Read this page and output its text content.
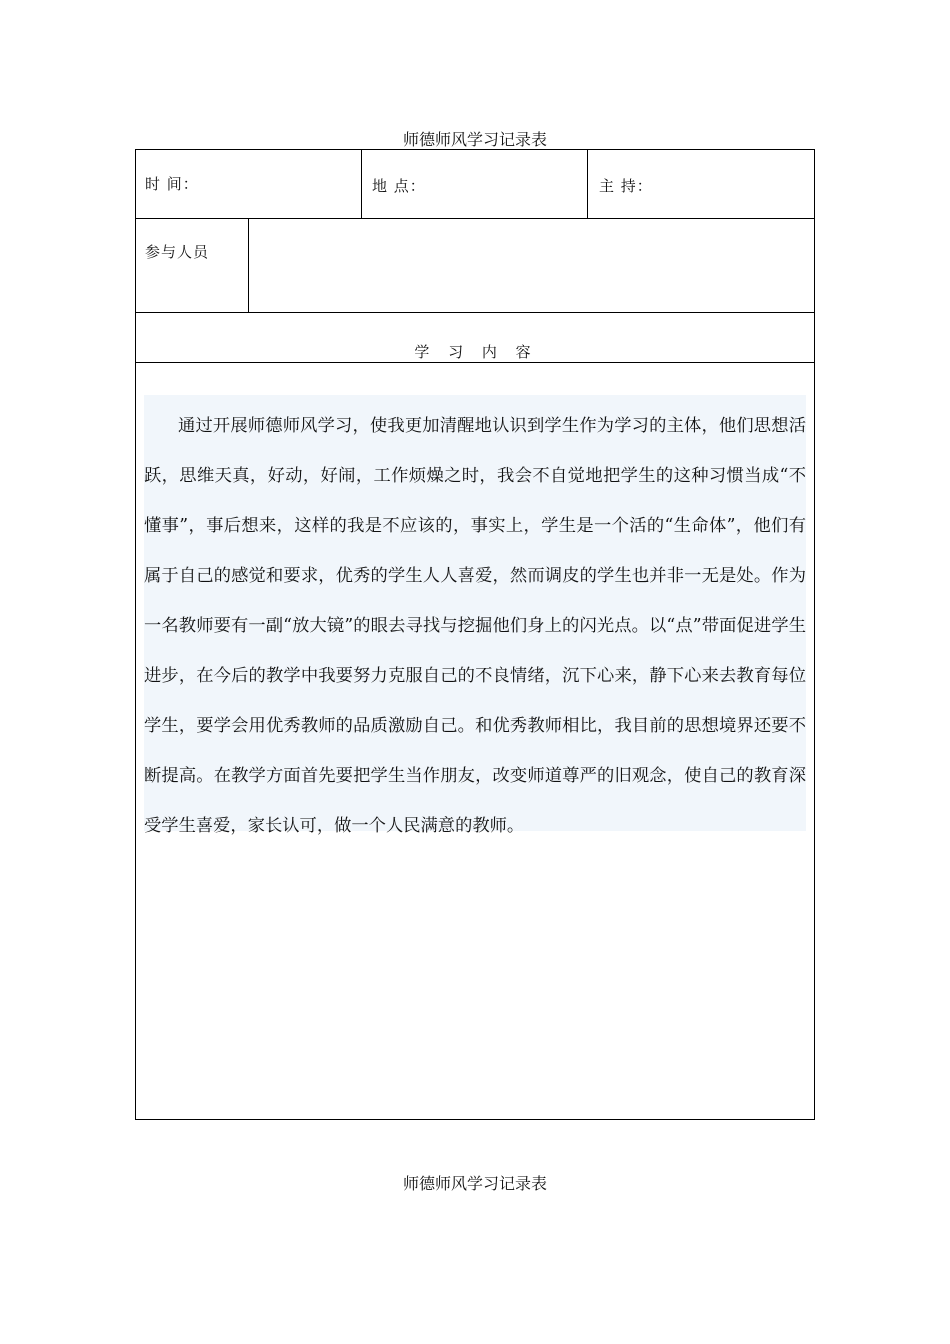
师德师风学习记录表
时 间：	地 点：	主 持：
参与人员
学 习 内 容

通过开展师德师风学习，使我更加清醒地认识到学生作为学习的主体，他们思想活跃，思维天真，好动，好闹，工作烦燥之时，我会不自觉地把学生的这种习惯当成“不懂事”，事后想来，这样的我是不应该的，事实上，学生是一个活的“生命体”，他们有属于自己的感觉和要求，优秀的学生人人喜爱，然而调皮的学生也并非一无是处。作为一名教师要有一副“放大镜”的眼去寻找与挖掘他们身上的闪光点。以“点”带面促进学生进步，在今后的教学中我要努力克服自己的不良情绪，沉下心来，静下心来去教育每位学生，要学会用优秀教师的品质激励自己。和优秀教师相比，我目前的思想境界还要不断提高。在教学方面首先要把学生当作朋友，改变师道尊严的旧观念，使自己的教育深受学生喜爱，家长认可，做一个人民满意的教师。

师德师风学习记录表
